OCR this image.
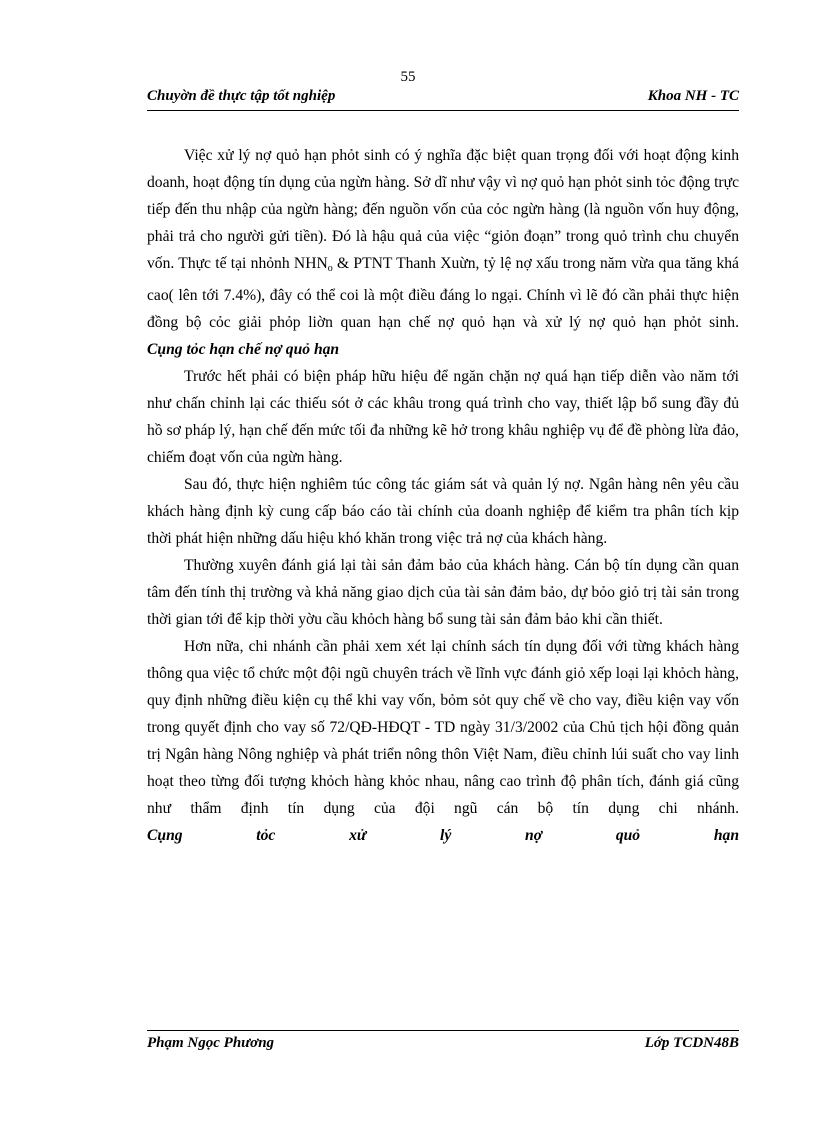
55
Chuyờn đề thực tập tốt nghiệp	Khoa NH - TC

Việc xử lý nợ quỏ hạn phỏt sinh có ý nghĩa đặc biệt quan trọng đối với hoạt động kinh doanh, hoạt động tín dụng của ngừn hàng. Sở dĩ như vậy vì nợ quỏ hạn phỏt sinh tỏc động trực tiếp đến thu nhập của ngừn hàng; đến nguồn vốn của cỏc ngừn hàng (là nguồn vốn huy động, phải trả cho người gửi tiền). Đó là hậu quả của việc “giỏn đoạn” trong quỏ trình chu chuyển vốn. Thực tế tại nhỏnh $NHN_o$ & PTNT Thanh Xuừn, tỷ lệ nợ xấu trong năm vừa qua tăng khá cao( lên tới 7.4%), đây có thể coi là một điều đáng lo ngại. Chính vì lẽ đó cần phải thực hiện đồng bộ cỏc giải phỏp liờn quan hạn chế nợ quỏ hạn và xử lý nợ quỏ hạn phỏt sinh.

Cụng tỏc hạn chế nợ quỏ hạn

Trước hết phải có biện pháp hữu hiệu để ngăn chặn nợ quá hạn tiếp diễn vào năm tới như chấn chỉnh lại các thiếu sót ở các khâu trong quá trình cho vay, thiết lập bổ sung đầy đủ hồ sơ pháp lý, hạn chế đến mức tối đa những kẽ hở trong khâu nghiệp vụ để đề phòng lừa đảo, chiếm đoạt vốn của ngừn hàng.

Sau đó, thực hiện nghiêm túc công tác giám sát và quản lý nợ. Ngân hàng nên yêu cầu khách hàng định kỳ cung cấp báo cáo tài chính của doanh nghiệp để kiểm tra phân tích kịp thời phát hiện những dấu hiệu khó khăn trong việc trả nợ của khách hàng.

Thường xuyên đánh giá lại tài sản đảm bảo của khách hàng. Cán bộ tín dụng cần quan tâm đến tính thị trường và khả năng giao dịch của tài sản đảm bảo, dự bỏo giỏ trị tài sản trong thời gian tới để kịp thời yờu cầu khỏch hàng bổ sung tài sản đảm bảo khi cần thiết.

Hơn nữa, chi nhánh cần phải xem xét lại chính sách tín dụng đối với từng khách hàng thông qua việc tổ chức một đội ngũ chuyên trách về lĩnh vực đánh giỏ xếp loại lại khỏch hàng, quy định những điều kiện cụ thể khi vay vốn, bỏm sỏt quy chế về cho vay, điều kiện vay vốn trong quyết định cho vay số 72/QĐ-HĐQT - TD ngày 31/3/2002 của Chủ tịch hội đồng quản trị Ngân hàng Nông nghiệp và phát triển nông thôn Việt Nam, điều chỉnh lúi suất cho vay linh hoạt theo từng đối tượng khỏch hàng khỏc nhau, nâng cao trình độ phân tích, đánh giá cũng như thẩm định tín dụng của đội ngũ cán bộ tín dụng chi nhánh.

Cụng tỏc xử lý nợ quỏ hạn

Phạm Ngọc Phương	Lớp TCDN48B
